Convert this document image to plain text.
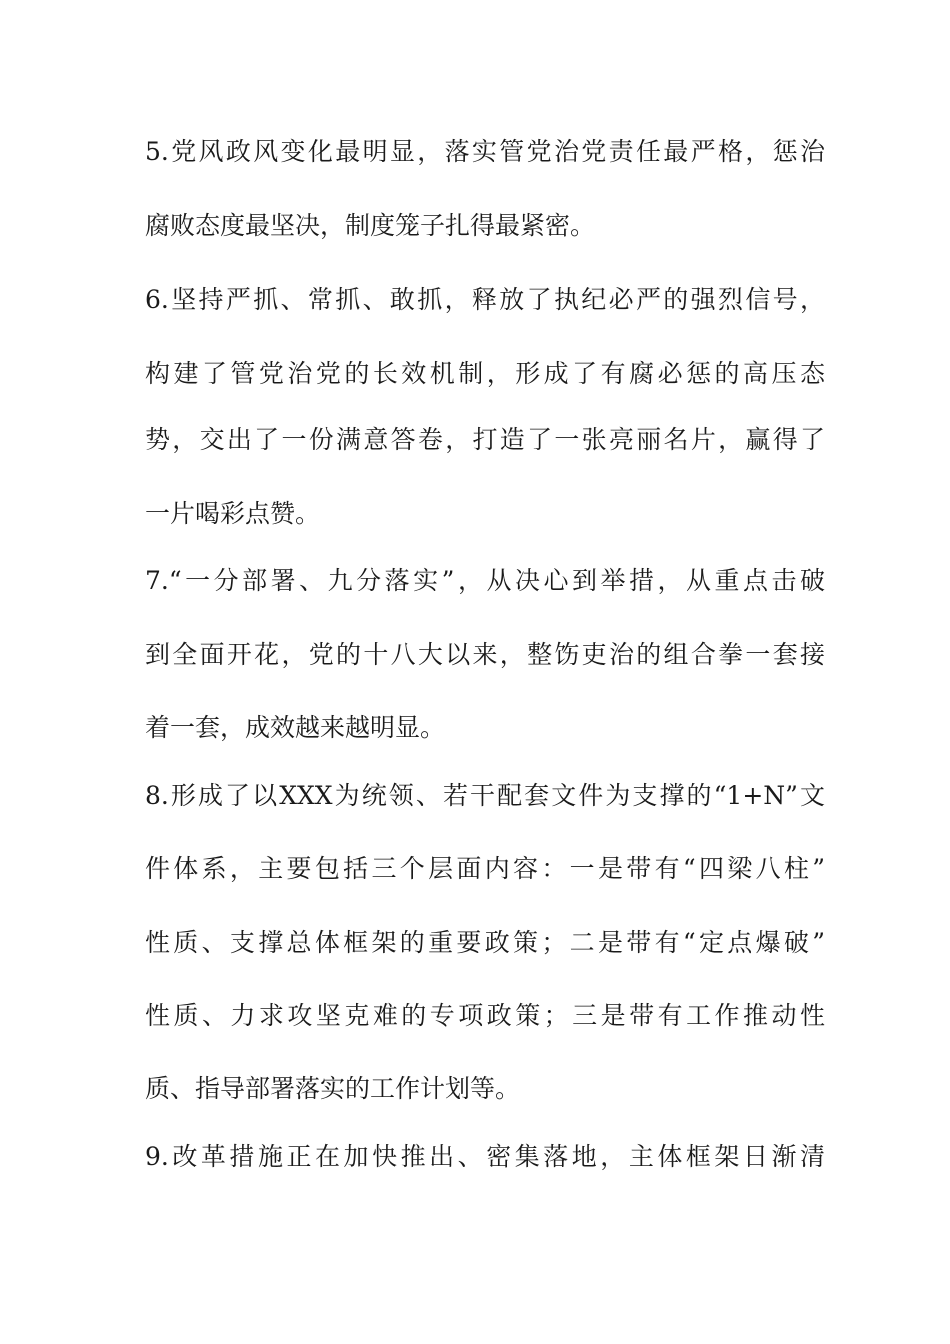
5.党风政风变化最明显，落实管党治党责任最严格，惩治
腐败态度最坚决，制度笼子扎得最紧密。
6.坚持严抓、常抓、敢抓，释放了执纪必严的强烈信号，
构建了管党治党的长效机制，形成了有腐必惩的高压态
势，交出了一份满意答卷，打造了一张亮丽名片，赢得了
一片喝彩点赞。
7.“一分部署、九分落实”，从决心到举措，从重点击破
到全面开花，党的十八大以来，整饬吏治的组合拳一套接
着一套，成效越来越明显。
8.形成了以XXX为统领、若干配套文件为支撑的“1+N”文
件体系，主要包括三个层面内容：一是带有“四梁八柱”
性质、支撑总体框架的重要政策；二是带有“定点爆破”
性质、力求攻坚克难的专项政策；三是带有工作推动性
质、指导部署落实的工作计划等。
9.改革措施正在加快推出、密集落地，主体框架日渐清
